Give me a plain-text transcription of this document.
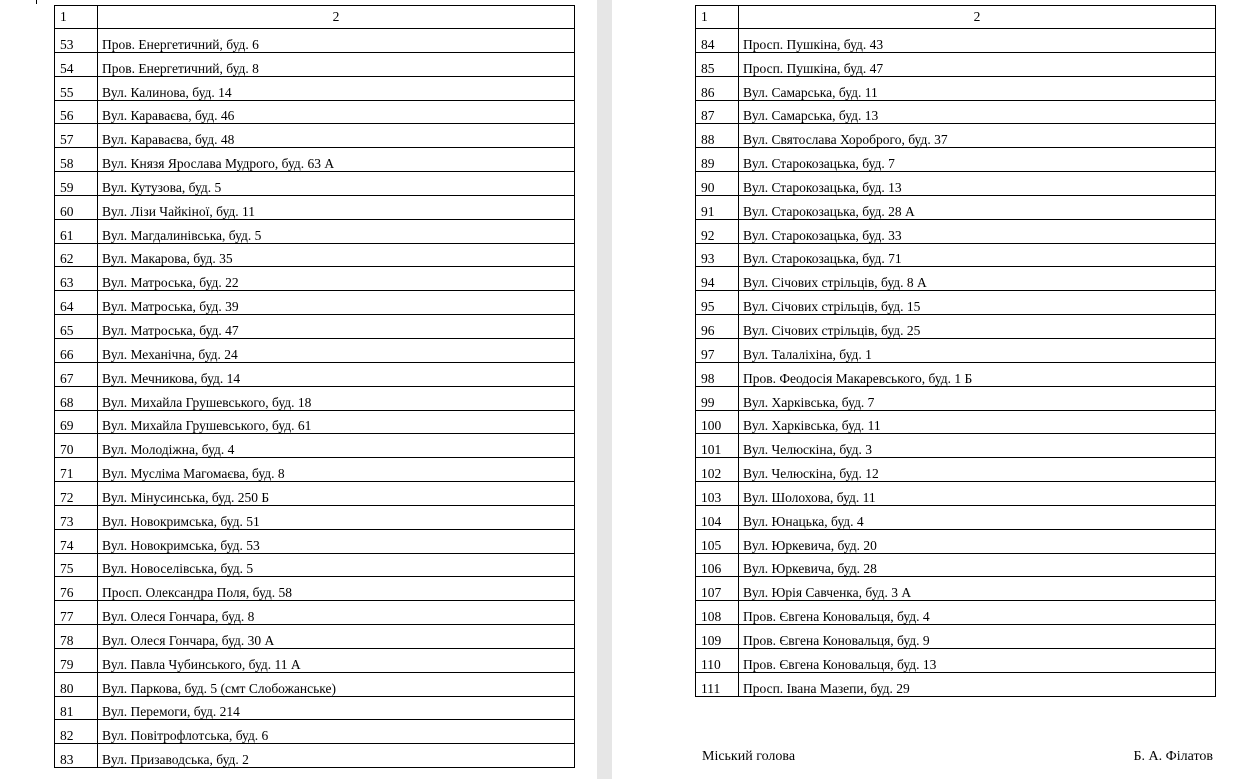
1	2
53	Пров. Енергетичний, буд. 6
54	Пров. Енергетичний, буд. 8
55	Вул. Калинова, буд. 14
56	Вул. Караваєва, буд. 46
57	Вул. Караваєва, буд. 48
58	Вул. Князя Ярослава Мудрого, буд. 63 А
59	Вул. Кутузова, буд. 5
60	Вул. Лізи Чайкіної, буд. 11
61	Вул. Магдалинівська, буд. 5
62	Вул. Макарова, буд. 35
63	Вул. Матроська, буд. 22
64	Вул. Матроська, буд. 39
65	Вул. Матроська, буд. 47
66	Вул. Механічна, буд. 24
67	Вул. Мечникова, буд. 14
68	Вул. Михайла Грушевського, буд. 18
69	Вул. Михайла Грушевського, буд. 61
70	Вул. Молодіжна, буд. 4
71	Вул. Мусліма Магомаєва, буд. 8
72	Вул. Мінусинська, буд. 250 Б
73	Вул. Новокримська, буд. 51
74	Вул. Новокримська, буд. 53
75	Вул. Новоселівська, буд. 5
76	Просп. Олександра Поля, буд. 58
77	Вул. Олеся Гончара, буд. 8
78	Вул. Олеся Гончара, буд. 30 А
79	Вул. Павла Чубинського, буд. 11 А
80	Вул. Паркова, буд. 5 (смт Слобожанське)
81	Вул. Перемоги, буд. 214
82	Вул. Повітрофлотська, буд. 6
83	Вул. Призаводська, буд. 2
1	2
84	Просп. Пушкіна, буд. 43
85	Просп. Пушкіна, буд. 47
86	Вул. Самарська, буд. 11
87	Вул. Самарська, буд. 13
88	Вул. Святослава Хороброго, буд. 37
89	Вул. Старокозацька, буд. 7
90	Вул. Старокозацька, буд. 13
91	Вул. Старокозацька, буд. 28 А
92	Вул. Старокозацька, буд. 33
93	Вул. Старокозацька, буд. 71
94	Вул. Січових стрільців, буд. 8 А
95	Вул. Січових стрільців, буд. 15
96	Вул. Січових стрільців, буд. 25
97	Вул. Талаліхіна, буд. 1
98	Пров. Феодосія Макаревського, буд. 1 Б
99	Вул. Харківська, буд. 7
100	Вул. Харківська, буд. 11
101	Вул. Челюскіна, буд. 3
102	Вул. Челюскіна, буд. 12
103	Вул. Шолохова, буд. 11
104	Вул. Юнацька, буд. 4
105	Вул. Юркевича, буд. 20
106	Вул. Юркевича, буд. 28
107	Вул. Юрія Савченка, буд. 3 А
108	Пров. Євгена Коновальця, буд. 4
109	Пров. Євгена Коновальця, буд. 9
110	Пров. Євгена Коновальця, буд. 13
111	Просп. Івана Мазепи, буд. 29
Міський голова	Б. А. Філатов
